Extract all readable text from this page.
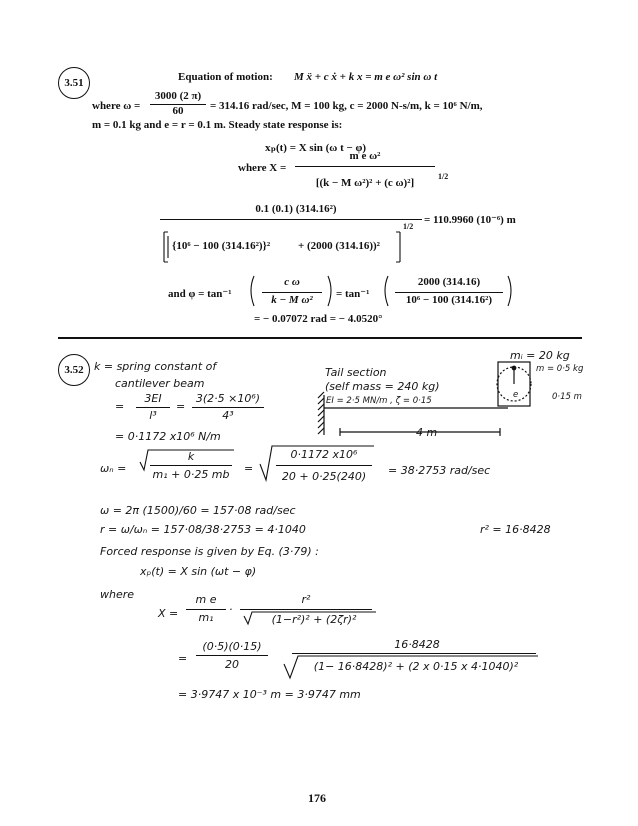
3.51	Equation of motion: M ẍ + c ẋ + k x = m e ω² sin ω t
where ω =
3000 (2 π)
60	= 314.16 rad/sec, M = 100 kg, c = 2000 N-s/m, k = 10⁶ N/m,
m = 0.1 kg and e = r = 0.1 m. Steady state response is:
xₚ(t) = X sin (ω t − φ)
where X =
m e ω²
[(k − M ω²)² + (c ω)²]
1/2
0.1 (0.1) (314.16²)
= 110.9960 (10⁻⁶) m
{10⁶ − 100 (314.16²)}²	+ (2000 (314.16))²
1/2
and φ = tan⁻¹
c ω
k − M ω²	= tan⁻¹
2000 (314.16)
10⁶ − 100 (314.16²)
= − 0.07072 rad = − 4.0520°
3.52 k = spring constant of
cantilever beam
=
3EI
l³
=
3(2·5 ×10⁶)
4³
= 0·1172 x10⁶ N/m
mᵢ = 20 kg
Tail section
(self mass = 240 kg)
EI = 2·5 MN/m , ζ = 0·15
m = 0·5 kg
e	0·15 m
4 m
ωₙ =
k
m₁ + 0·25 mb =
0·1172 x10⁶
20 + 0·25(240)	= 38·2753 rad/sec
ω = 2π (1500)/60 = 157·08 rad/sec
r = ω/ωₙ = 157·08/38·2753 = 4·1040	r² = 16·8428
Forced response is given by Eq. (3·79) :
xₚ(t) = X sin (ωt − φ)
where
X =
m e
m₁
·
r²
(1−r²)² + (2ζr)²
=
(0·5)(0·15)
20
16·8428
(1− 16·8428)² + (2 x 0·15 x 4·1040)²
= 3·9747 x 10⁻³ m = 3·9747 mm
176
